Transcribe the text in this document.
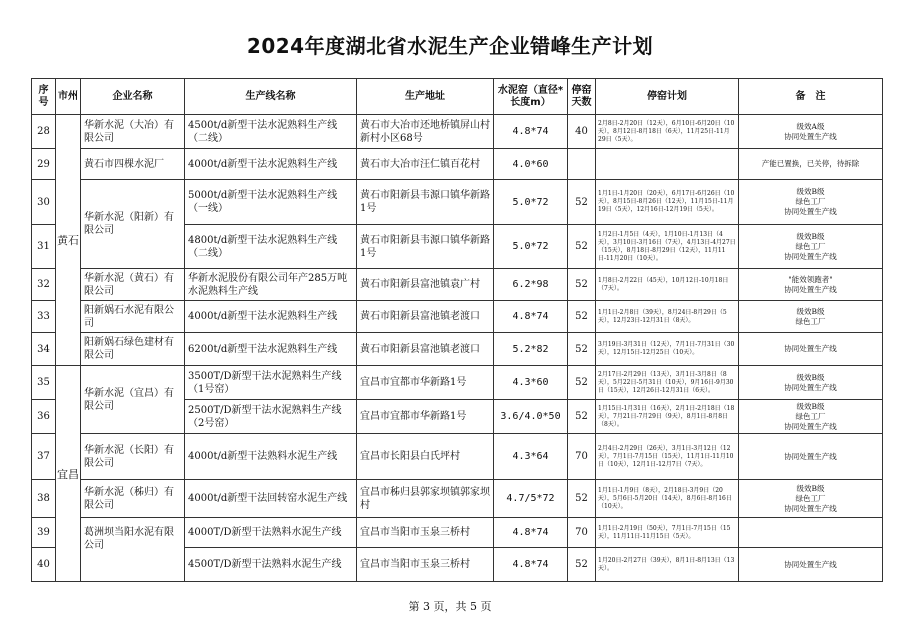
2024年度湖北省水泥生产企业错峰生产计划
序号	市州	企业名称	生产线名称	生产地址	水泥窑（直径*长度m）	停窑天数	停窑计划	备　注
28	黄石	华新水泥（大冶）有限公司	4500t/d新型干法水泥熟料生产线（二线）	黄石市大冶市还地桥镇屏山村新村小区68号	4.8*74	40	2月8日-2月20日（12天），6月10日-6月20日（10天），8月12日-8月18日（6天），11月25日-11月29日（5天）。	级效A级
协同处置生产线
29		黄石市四棵水泥厂	4000t/d新型干法水泥熟料生产线	黄石市大冶市汪仁镇百花村	4.0*60			产能已置换，已关停，待拆除
30		华新水泥（阳新）有限公司	5000t/d新型干法水泥熟料生产线（一线）	黄石市阳新县韦源口镇华新路1号	5.0*72	52	1月1日-1月20日（20天），6月17日-6月26日（10天），8月15日-8月26日（12天），11月15日-11月19日（5天），12月16日-12月19日（5天）。	级效B级
绿色工厂
协同处置生产线
31			4800t/d新型干法水泥熟料生产线（二线）	黄石市阳新县韦源口镇华新路1号	5.0*72	52	1月2日-1月5日（4天），1月10日-1月13日（4天），3月10日-3月16日（7天），4月13日-4月27日（15天），8月18日-8月29日（12天），11月11日-11月20日（10天）。	级效B级
绿色工厂
协同处置生产线
32		华新水泥（黄石）有限公司	华新水泥股份有限公司年产285万吨水泥熟料生产线	黄石市阳新县富池镇袁广村	6.2*98	52	1月8日-2月22日（45天），10月12日-10月18日（7天）。	"能效领跑者"
协同处置生产线
33		阳新娲石水泥有限公司	4000t/d新型干法水泥熟料生产线	黄石市阳新县富池镇老渡口	4.8*74	52	1月1日-2月8日（39天），8月24日-8月29日（5天），12月23日-12月31日（8天）。	级效B级
绿色工厂
34		阳新娲石绿色建材有限公司	6200t/d新型干法水泥熟料生产线	黄石市阳新县富池镇老渡口	5.2*82	52	3月19日-3月31日（12天），7月1日-7月31日（30天），12月15日-12月25日（10天）。	协同处置生产线
35	宜昌	华新水泥（宜昌）有限公司	3500T/D新型干法水泥熟料生产线（1号窑）	宜昌市宜都市华新路1号	4.3*60	52	2月17日-2月29日（13天），3月1日-3月8日（8天），5月22日-5月31日（10天），9月16日-9月30日（15天），12月26日-12月31日（6天）。	级效B级
协同处置生产线
36			2500T/D新型干法水泥熟料生产线（2号窑）	宜昌市宜都市华新路1号	3.6/4.0*50	52	1月15日-1月31日（16天），2月1日-2月18日（18天），7月21日-7月29日（9天），8月1日-8月8日（8天）。	级效B级
绿色工厂
协同处置生产线
37		华新水泥（长阳）有限公司	4000t/d新型干法熟料水泥生产线	宜昌市长阳县白氏坪村	4.3*64	70	2月4日-2月29日（26天），3月1日-3月12日（12天），7月1日-7月15日（15天），11月1日-11月10日（10天），12月1日-12月7日（7天）。	协同处置生产线
38		华新水泥（秭归）有限公司	4000t/d新型干法回转窑水泥生产线	宜昌市秭归县郭家坝镇郭家坝村	4.7/5*72	52	1月1日-1月9日（8天），2月18日-3月9日（20天），5月6日-5月20日（14天），8月6日-8月16日（10天）。	级效B级
绿色工厂
协同处置生产线
39		葛洲坝当阳水泥有限公司	4000T/D新型干法熟料水泥生产线	宜昌市当阳市玉泉三桥村	4.8*74	70	1月1日-2月19日（50天），7月1日-7月15日（15天），11月11日-11月15日（5天）。	
40			4500T/D新型干法熟料水泥生产线	宜昌市当阳市玉泉三桥村	4.8*74	52	1月20日-2月27日（39天），8月1日-8月13日（13天）。	协同处置生产线
第 3 页，共 5 页
